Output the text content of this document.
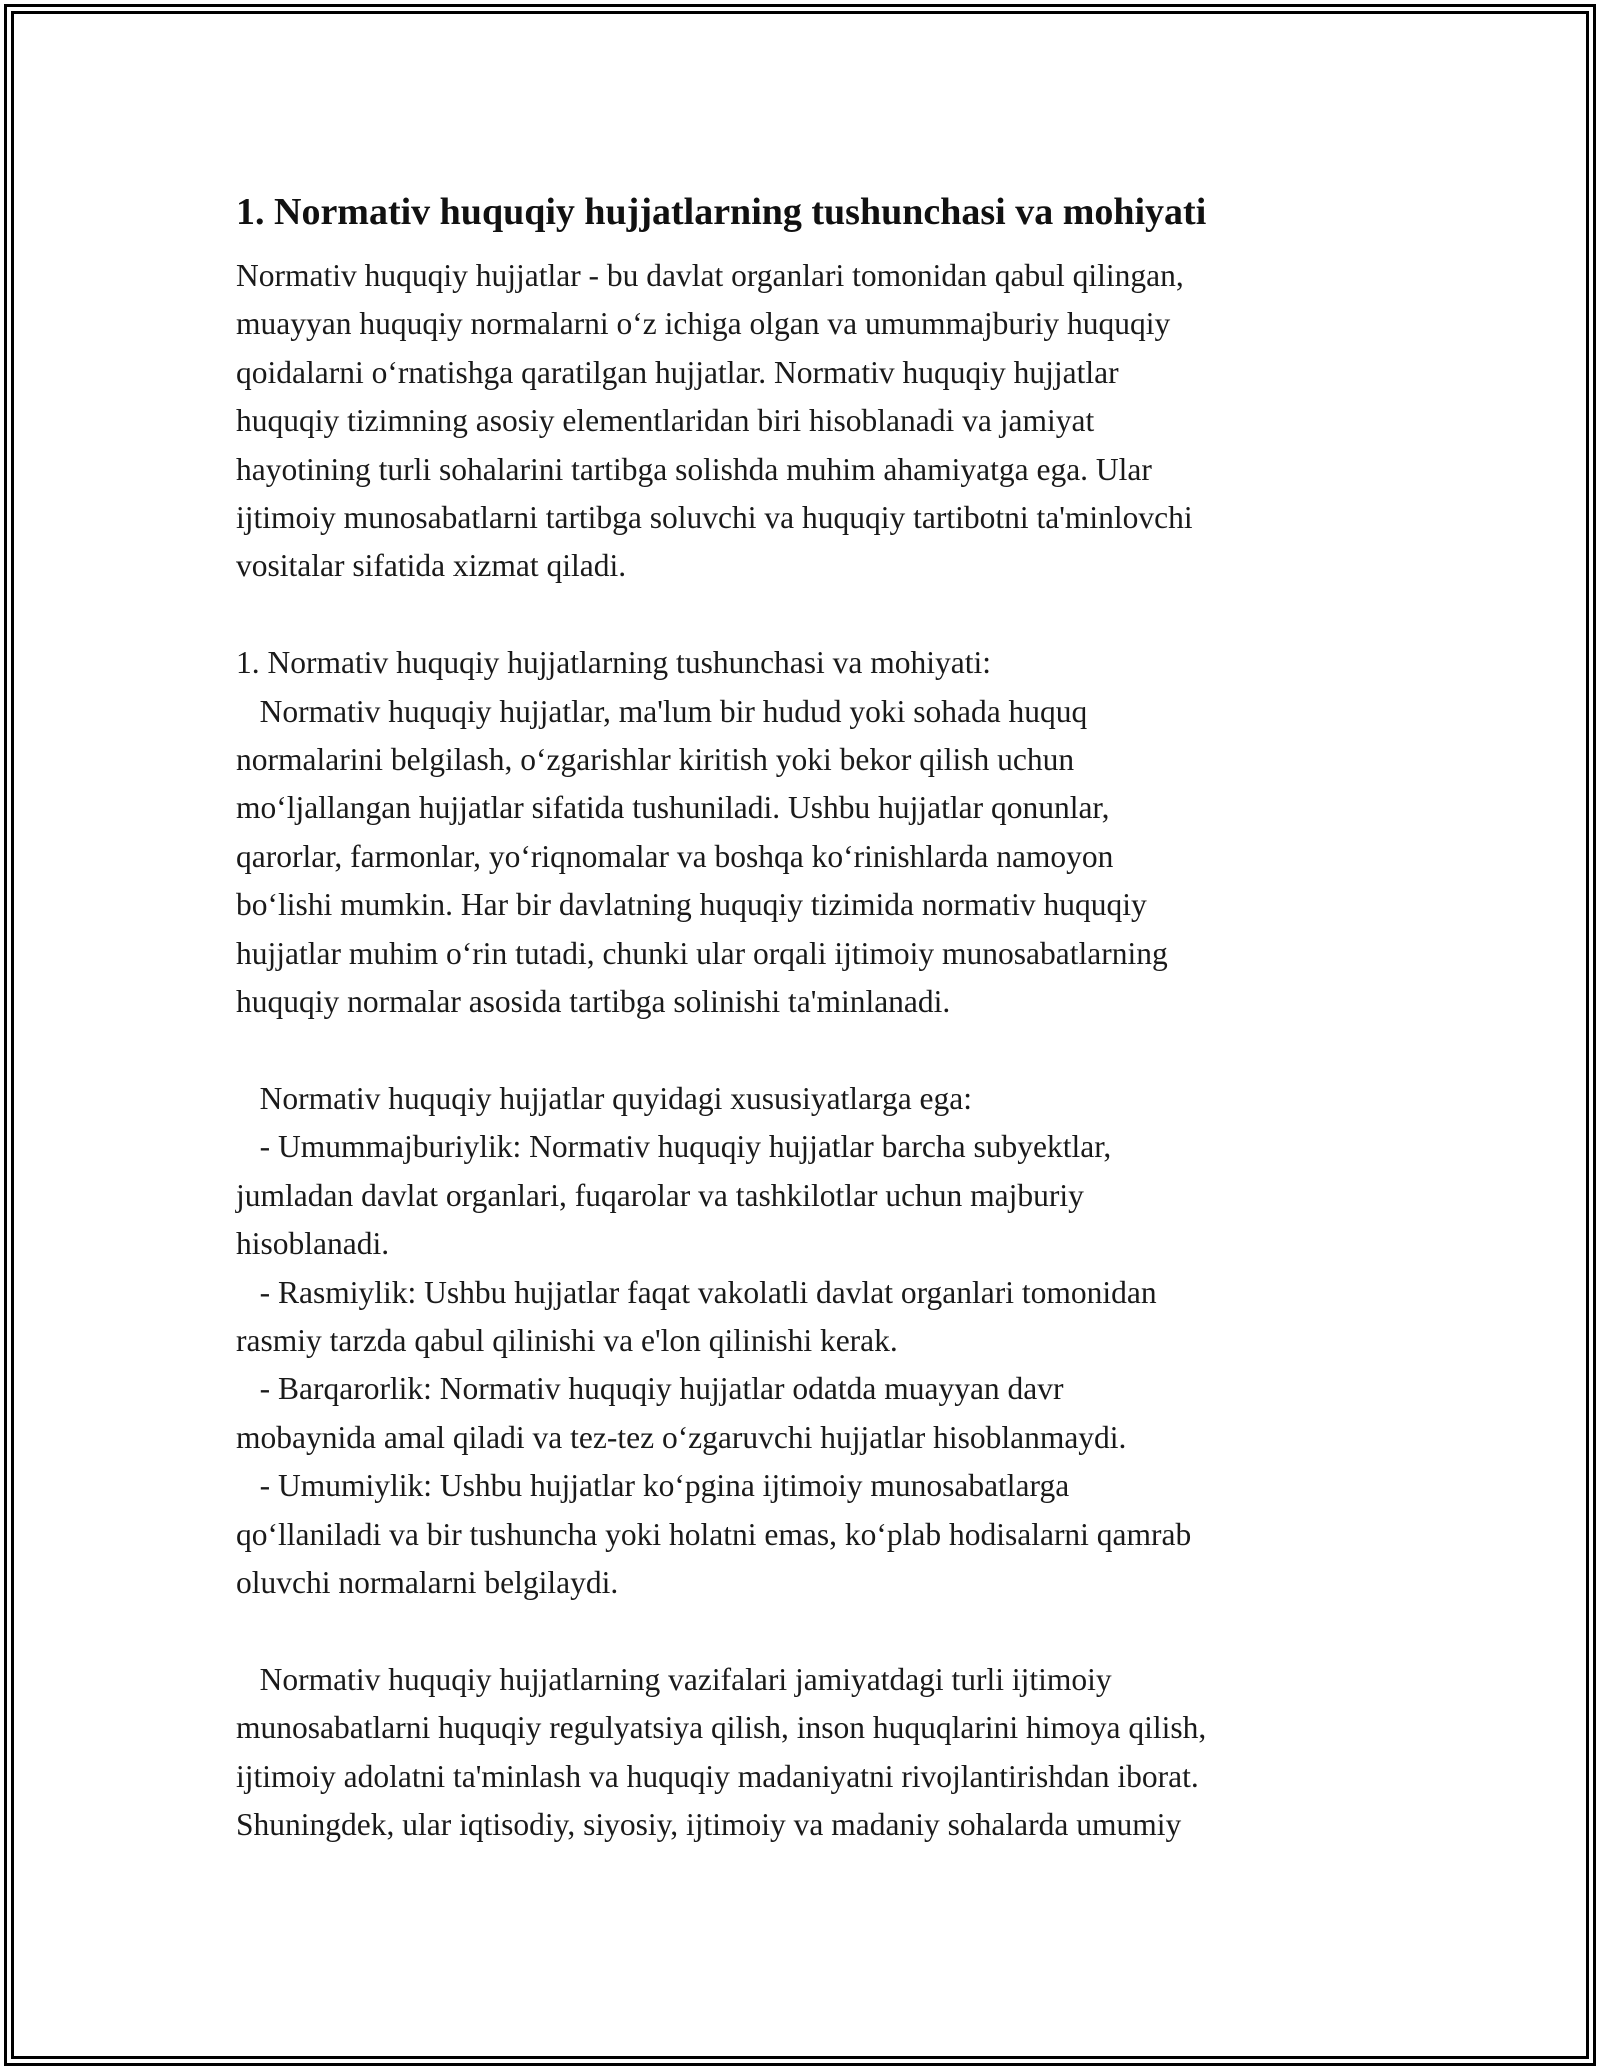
1. Normativ huquqiy hujjatlarning tushunchasi va mohiyati

Normativ huquqiy hujjatlar - bu davlat organlari tomonidan qabul qilingan,
muayyan huquqiy normalarni o‘z ichiga olgan va umummajburiy huquqiy
qoidalarni o‘rnatishga qaratilgan hujjatlar. Normativ huquqiy hujjatlar
huquqiy tizimning asosiy elementlaridan biri hisoblanadi va jamiyat
hayotining turli sohalarini tartibga solishda muhim ahamiyatga ega. Ular
ijtimoiy munosabatlarni tartibga soluvchi va huquqiy tartibotni ta'minlovchi
vositalar sifatida xizmat qiladi.

1. Normativ huquqiy hujjatlarning tushunchasi va mohiyati:
Normativ huquqiy hujjatlar, ma'lum bir hudud yoki sohada huquq
normalarini belgilash, o‘zgarishlar kiritish yoki bekor qilish uchun
mo‘ljallangan hujjatlar sifatida tushuniladi. Ushbu hujjatlar qonunlar,
qarorlar, farmonlar, yo‘riqnomalar va boshqa ko‘rinishlarda namoyon
bo‘lishi mumkin. Har bir davlatning huquqiy tizimida normativ huquqiy
hujjatlar muhim o‘rin tutadi, chunki ular orqali ijtimoiy munosabatlarning
huquqiy normalar asosida tartibga solinishi ta'minlanadi.

Normativ huquqiy hujjatlar quyidagi xususiyatlarga ega:
- Umummajburiylik: Normativ huquqiy hujjatlar barcha subyektlar,
jumladan davlat organlari, fuqarolar va tashkilotlar uchun majburiy
hisoblanadi.
- Rasmiylik: Ushbu hujjatlar faqat vakolatli davlat organlari tomonidan
rasmiy tarzda qabul qilinishi va e'lon qilinishi kerak.
- Barqarorlik: Normativ huquqiy hujjatlar odatda muayyan davr
mobaynida amal qiladi va tez-tez o‘zgaruvchi hujjatlar hisoblanmaydi.
- Umumiylik: Ushbu hujjatlar ko‘pgina ijtimoiy munosabatlarga
qo‘llaniladi va bir tushuncha yoki holatni emas, ko‘plab hodisalarni qamrab
oluvchi normalarni belgilaydi.

Normativ huquqiy hujjatlarning vazifalari jamiyatdagi turli ijtimoiy
munosabatlarni huquqiy regulyatsiya qilish, inson huquqlarini himoya qilish,
ijtimoiy adolatni ta'minlash va huquqiy madaniyatni rivojlantirishdan iborat.
Shuningdek, ular iqtisodiy, siyosiy, ijtimoiy va madaniy sohalarda umumiy
